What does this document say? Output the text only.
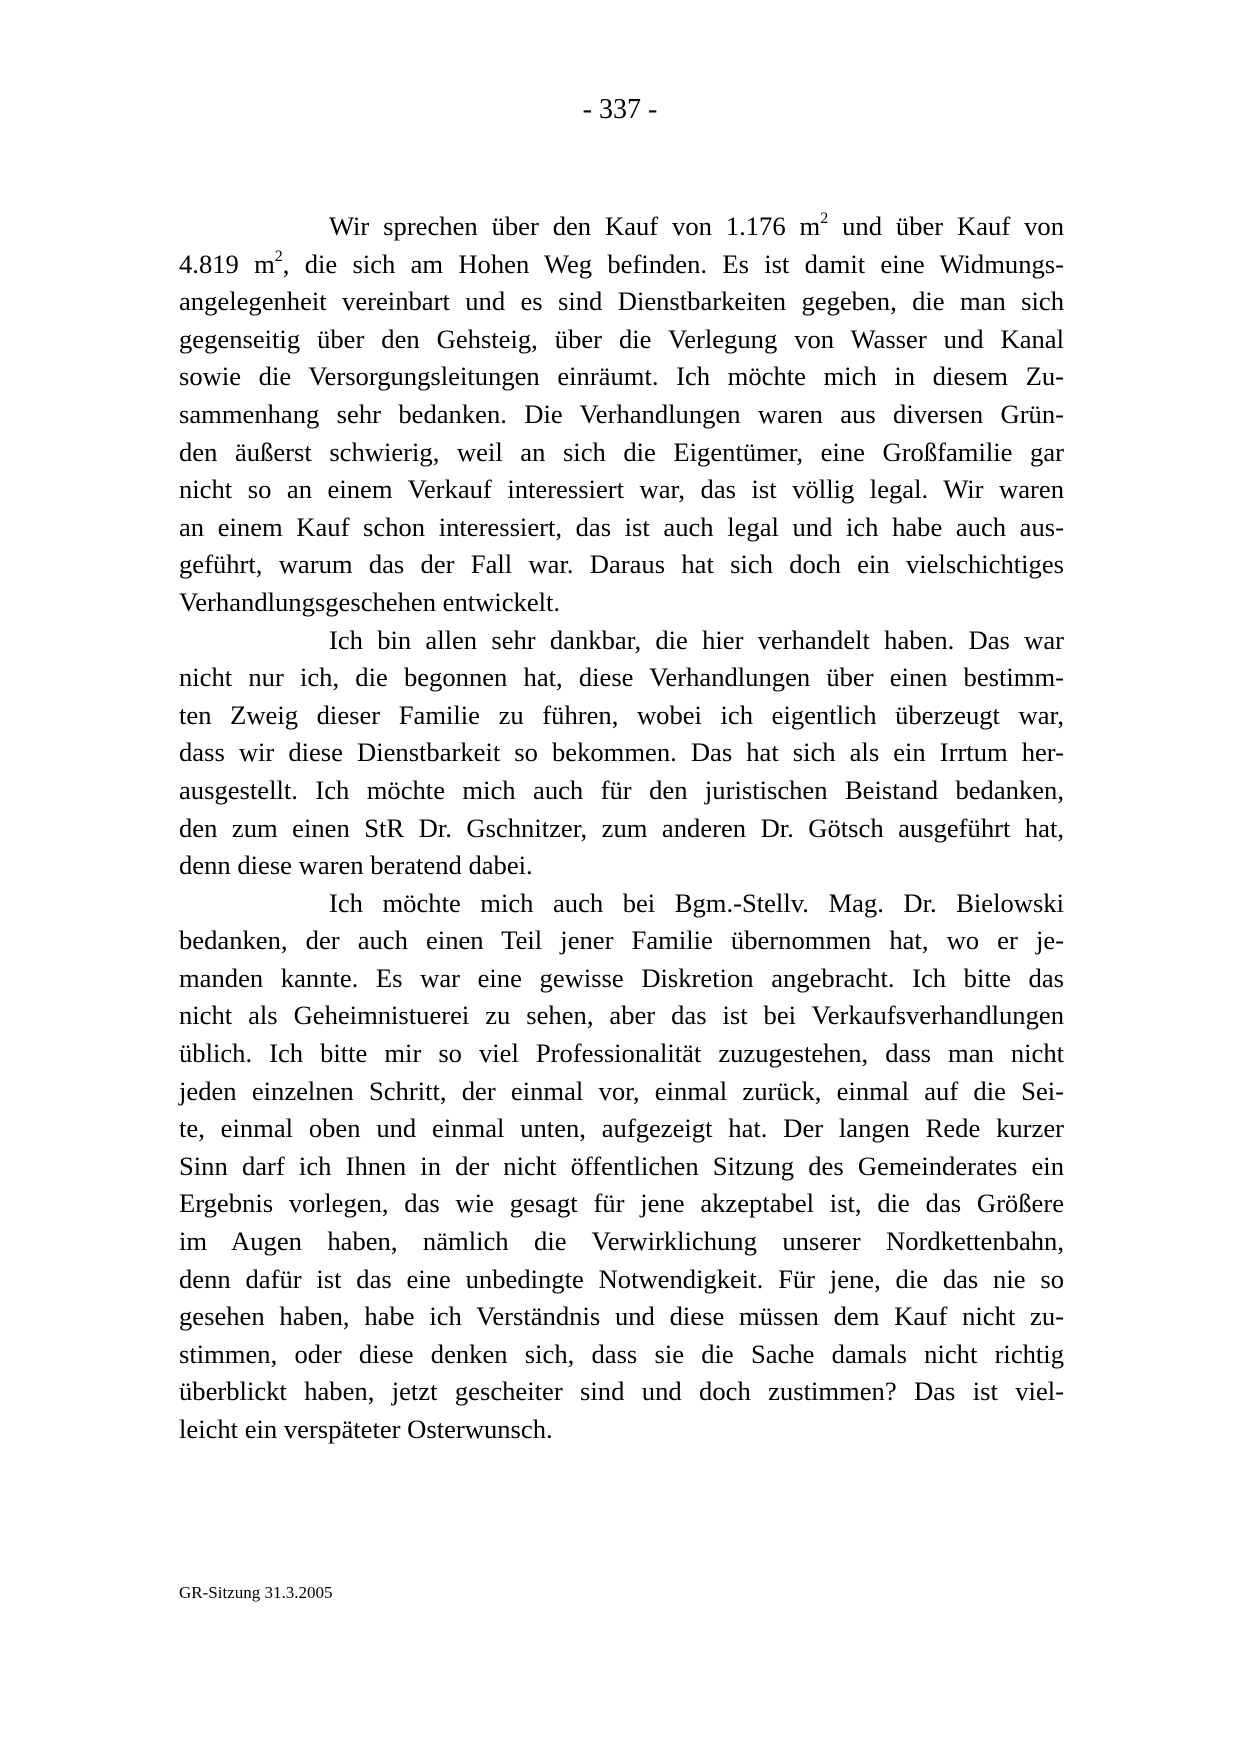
- 337 -
Wir sprechen über den Kauf von 1.176 $m^2$ und über Kauf von
4.819 $m^2$, die sich am Hohen Weg befinden. Es ist damit eine Widmungs-
angelegenheit vereinbart und es sind Dienstbarkeiten gegeben, die man sich
gegenseitig über den Gehsteig, über die Verlegung von Wasser und Kanal
sowie die Versorgungsleitungen einräumt. Ich möchte mich in diesem Zu-
sammenhang sehr bedanken. Die Verhandlungen waren aus diversen Grün-
den äußerst schwierig, weil an sich die Eigentümer, eine Großfamilie gar
nicht so an einem Verkauf interessiert war, das ist völlig legal. Wir waren
an einem Kauf schon interessiert, das ist auch legal und ich habe auch aus-
geführt, warum das der Fall war. Daraus hat sich doch ein vielschichtiges
Verhandlungsgeschehen entwickelt.
Ich bin allen sehr dankbar, die hier verhandelt haben. Das war
nicht nur ich, die begonnen hat, diese Verhandlungen über einen bestimm-
ten Zweig dieser Familie zu führen, wobei ich eigentlich überzeugt war,
dass wir diese Dienstbarkeit so bekommen. Das hat sich als ein Irrtum her-
ausgestellt. Ich möchte mich auch für den juristischen Beistand bedanken,
den zum einen StR Dr. Gschnitzer, zum anderen Dr. Götsch ausgeführt hat,
denn diese waren beratend dabei.
Ich möchte mich auch bei Bgm.-Stellv. Mag. Dr. Bielowski
bedanken, der auch einen Teil jener Familie übernommen hat, wo er je-
manden kannte. Es war eine gewisse Diskretion angebracht. Ich bitte das
nicht als Geheimnistuerei zu sehen, aber das ist bei Verkaufsverhandlungen
üblich. Ich bitte mir so viel Professionalität zuzugestehen, dass man nicht
jeden einzelnen Schritt, der einmal vor, einmal zurück, einmal auf die Sei-
te, einmal oben und einmal unten, aufgezeigt hat. Der langen Rede kurzer
Sinn darf ich Ihnen in der nicht öffentlichen Sitzung des Gemeinderates ein
Ergebnis vorlegen, das wie gesagt für jene akzeptabel ist, die das Größere
im Augen haben, nämlich die Verwirklichung unserer Nordkettenbahn,
denn dafür ist das eine unbedingte Notwendigkeit. Für jene, die das nie so
gesehen haben, habe ich Verständnis und diese müssen dem Kauf nicht zu-
stimmen, oder diese denken sich, dass sie die Sache damals nicht richtig
überblickt haben, jetzt gescheiter sind und doch zustimmen? Das ist viel-
leicht ein verspäteter Osterwunsch.
GR-Sitzung 31.3.2005
